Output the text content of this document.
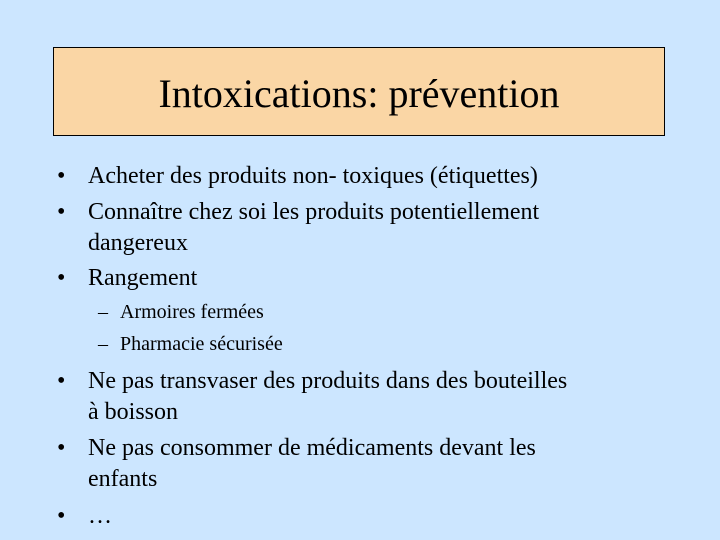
Intoxications: prévention
•
Acheter des produits non- toxiques (étiquettes)
•
Connaître chez soi les produits potentiellement
dangereux
•
Rangement
– Armoires fermées
– Pharmacie sécurisée
•
Ne pas transvaser des produits dans des bouteilles
à boisson
•
Ne pas consommer de médicaments devant les
enfants
•
…
